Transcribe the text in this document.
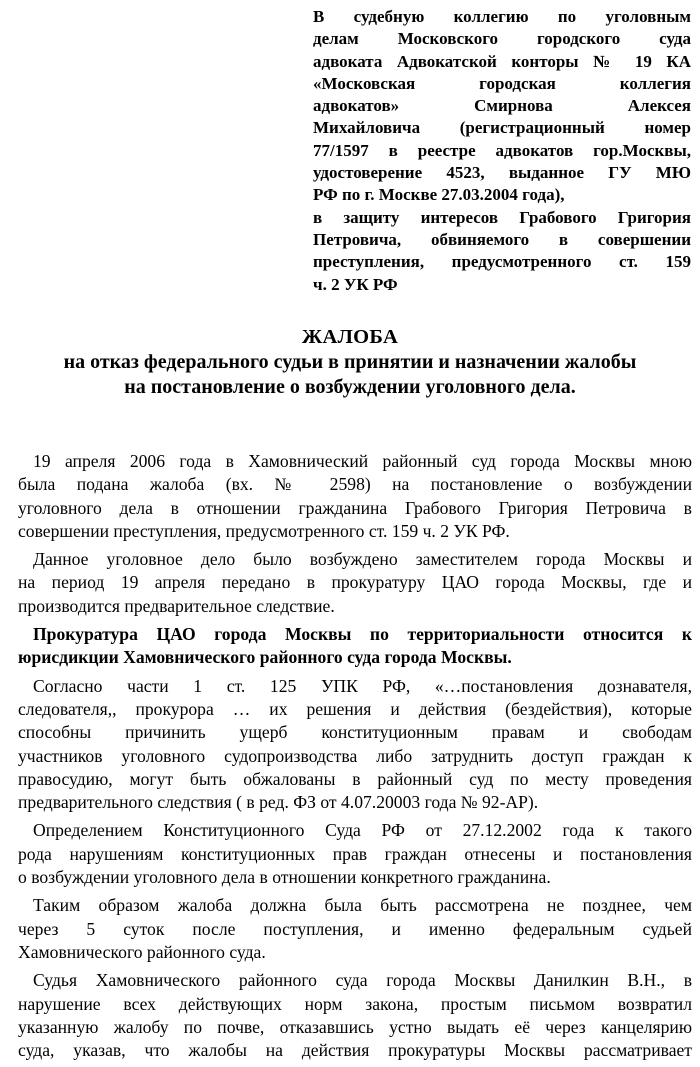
В судебную коллегию по уголовным
делам Московского городского суда
адвоката Адвокатской конторы № 19 КА
«Московская городская коллегия
адвокатов» Смирнова Алексея
Михайловича (регистрационный номер
77/1597 в реестре адвокатов гор.Москвы,
удостоверение 4523, выданное ГУ МЮ
РФ по г. Москве 27.03.2004 года),
в защиту интересов Грабового Григория
Петровича, обвиняемого в совершении
преступления, предусмотренного ст. 159
ч. 2 УК РФ
ЖАЛОБА
на отказ федерального судьи в принятии и назначении жалобы
на постановление о возбуждении уголовного дела.
19 апреля 2006 года в Хамовнический районный суд города Москвы мною
была подана жалоба (вх. № 2598) на постановление о возбуждении
уголовного дела в отношении гражданина Грабового Григория Петровича в
совершении преступления, предусмотренного ст. 159 ч. 2 УК РФ.
Данное уголовное дело было возбуждено заместителем города Москвы и
на период 19 апреля передано в прокуратуру ЦАО города Москвы, где и
производится предварительное следствие.
Прокуратура ЦАО города Москвы по территориальности относится к
юрисдикции Хамовнического районного суда города Москвы.
Согласно части 1 ст. 125 УПК РФ, «…постановления дознавателя,
следователя,, прокурора … их решения и действия (бездействия), которые
способны причинить ущерб конституционным правам и свободам
участников уголовного судопроизводства либо затруднить доступ граждан к
правосудию, могут быть обжалованы в районный суд по месту проведения
предварительного следствия ( в ред. ФЗ от 4.07.20003 года № 92-АР).
Определением Конституционного Суда РФ от 27.12.2002 года к такого
рода нарушениям конституционных прав граждан отнесены и постановления
о возбуждении уголовного дела в отношении конкретного гражданина.
Таким образом жалоба должна была быть рассмотрена не позднее, чем
через 5 суток после поступления, и именно федеральным судьей
Хамовнического районного суда.
Судья Хамовнического районного суда города Москвы Данилкин В.Н., в
нарушение всех действующих норм закона, простым письмом возвратил
указанную жалобу по почве, отказавшись устно выдать её через канцелярию
суда, указав, что жалобы на действия прокуратуры Москвы рассматривает
